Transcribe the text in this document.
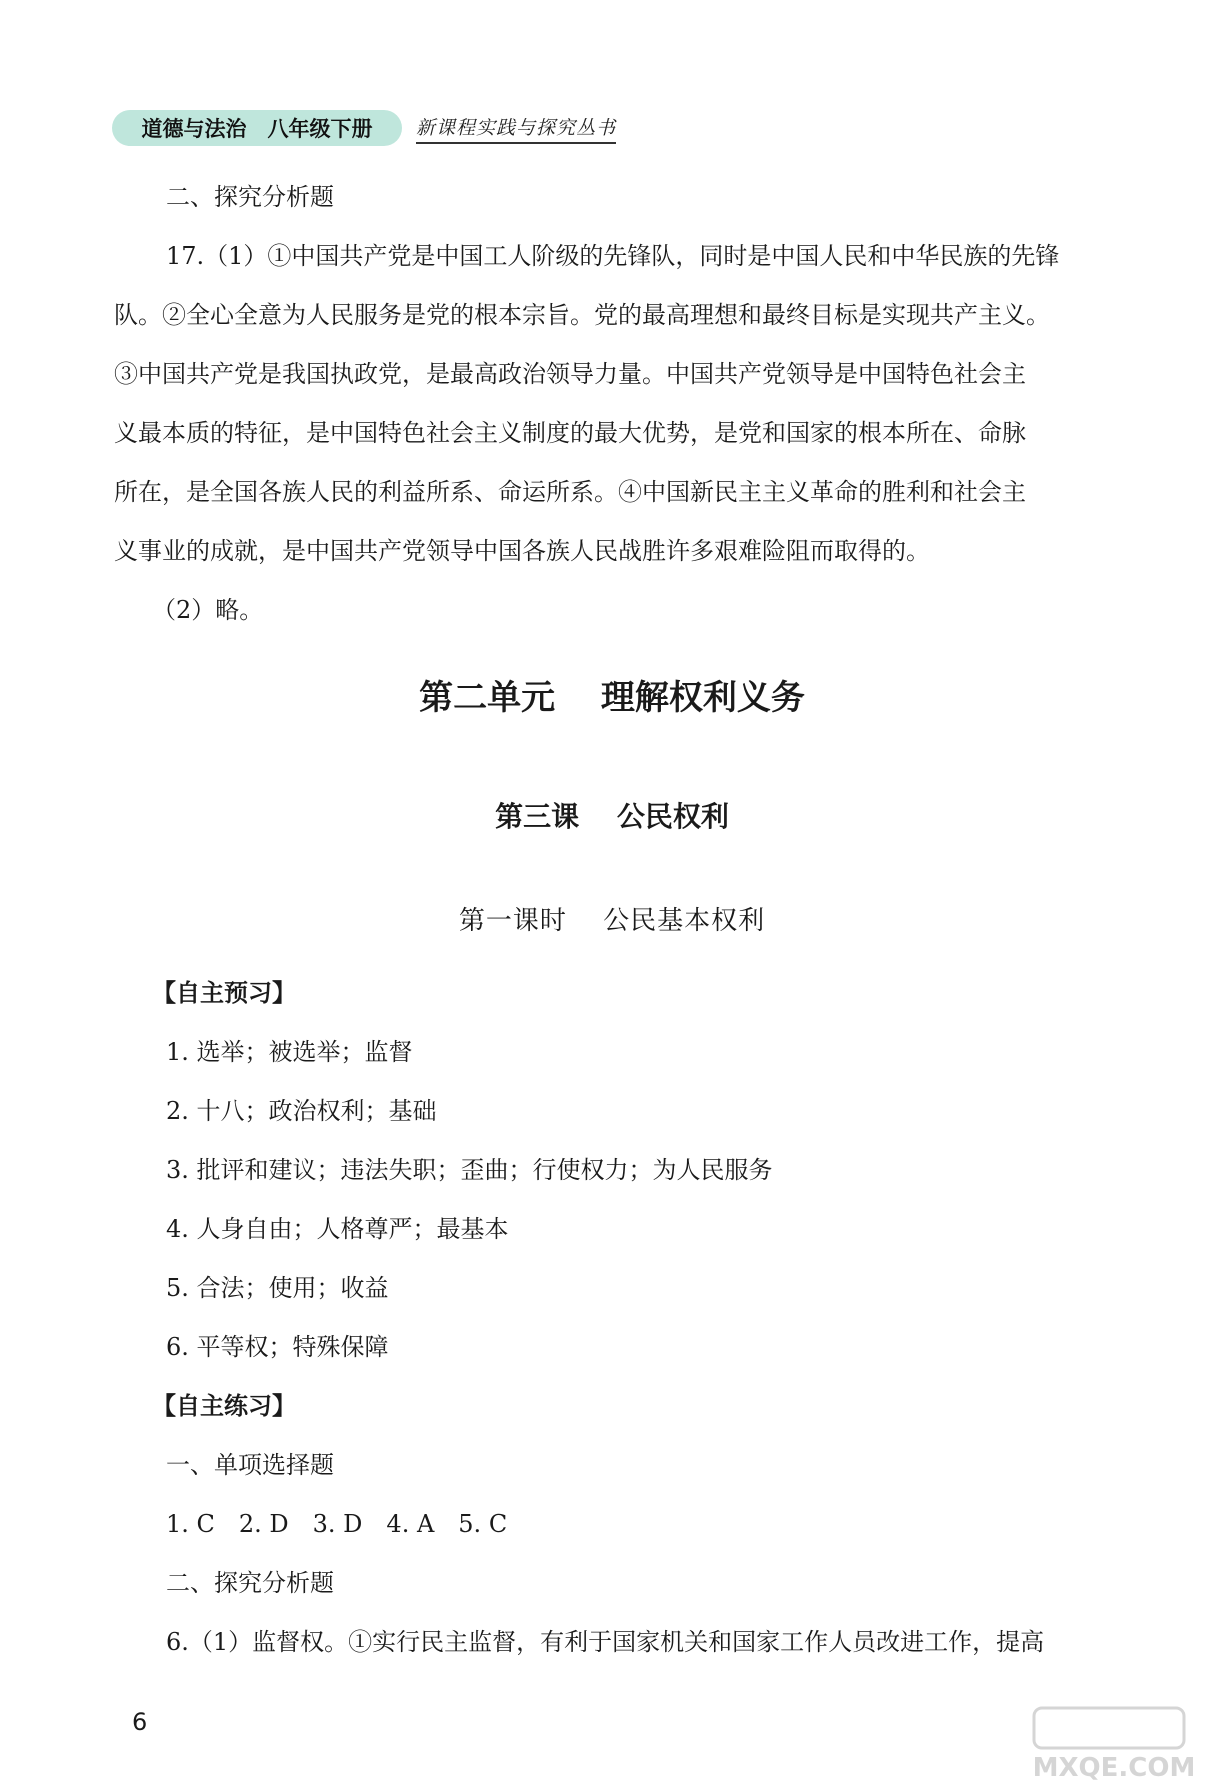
道德与法治　八年级下册	新课程实践与探究丛书
二、探究分析题
17.（1）①中国共产党是中国工人阶级的先锋队，同时是中国人民和中华民族的先锋
队。②全心全意为人民服务是党的根本宗旨。党的最高理想和最终目标是实现共产主义。
③中国共产党是我国执政党，是最高政治领导力量。中国共产党领导是中国特色社会主
义最本质的特征，是中国特色社会主义制度的最大优势，是党和国家的根本所在、命脉
所在，是全国各族人民的利益所系、命运所系。④中国新民主主义革命的胜利和社会主
义事业的成就，是中国共产党领导中国各族人民战胜许多艰难险阻而取得的。
（2）略。
第二单元　 理解权利义务
第三课　 公民权利
第一课时　 公民基本权利
【自主预习】
1. 选举；被选举；监督
2. 十八；政治权利；基础
3. 批评和建议；违法失职；歪曲；行使权力；为人民服务
4. 人身自由；人格尊严；最基本
5. 合法；使用；收益
6. 平等权；特殊保障
【自主练习】
一、单项选择题
1. C　2. D　3. D　4. A　5. C
二、探究分析题
6.（1）监督权。①实行民主监督，有利于国家机关和国家工作人员改进工作，提高
6
MXQE.COM
